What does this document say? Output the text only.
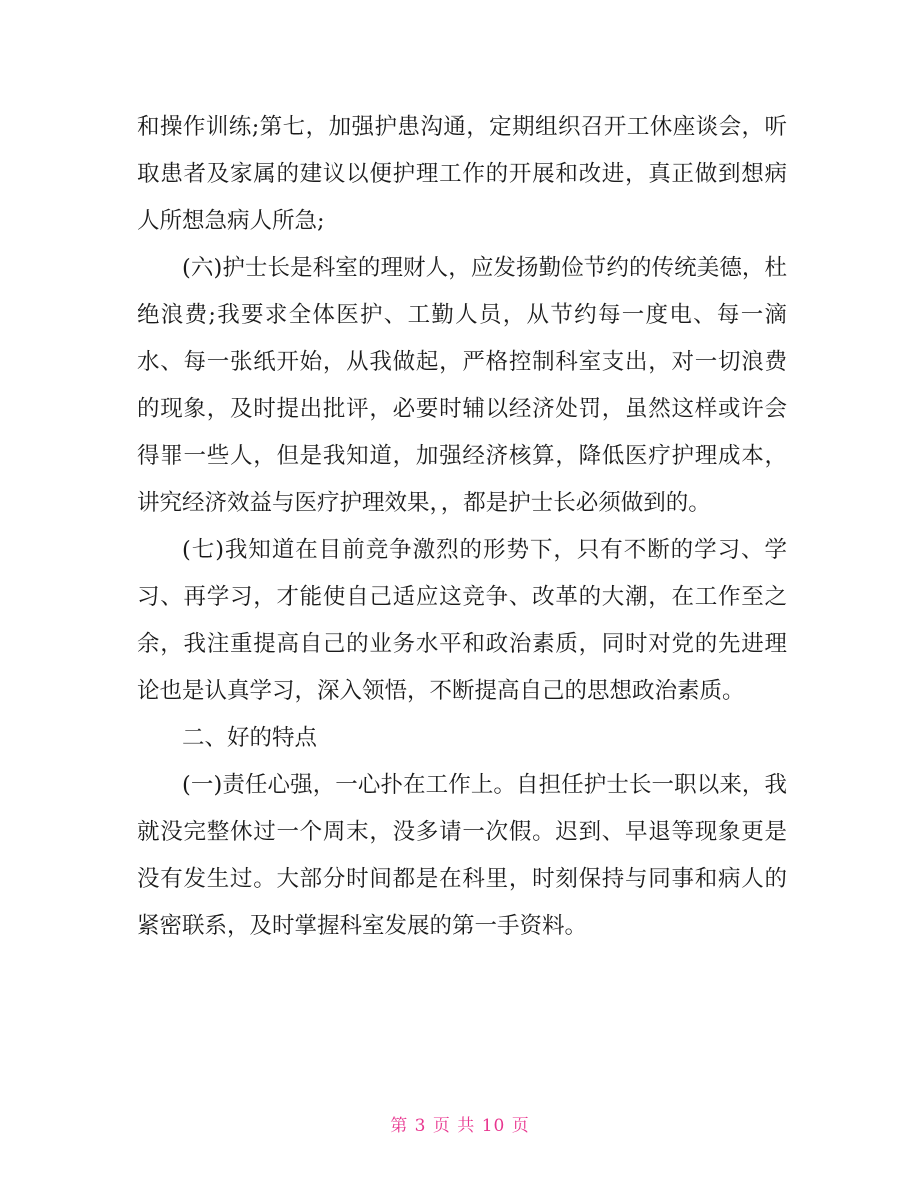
和操作训练;第七，加强护患沟通，定期组织召开工休座谈会，听取患者及家属的建议以便护理工作的开展和改进，真正做到想病人所想急病人所急;

(六)护士长是科室的理财人，应发扬勤俭节约的传统美德，杜绝浪费;我要求全体医护、工勤人员，从节约每一度电、每一滴水、每一张纸开始，从我做起，严格控制科室支出，对一切浪费的现象，及时提出批评，必要时辅以经济处罚，虽然这样或许会得罪一些人，但是我知道，加强经济核算，降低医疗护理成本，讲究经济效益与医疗护理效果，，都是护士长必须做到的。

(七)我知道在目前竞争激烈的形势下，只有不断的学习、学习、再学习，才能使自己适应这竞争、改革的大潮，在工作至之余，我注重提高自己的业务水平和政治素质，同时对党的先进理论也是认真学习，深入领悟，不断提高自己的思想政治素质。

二、好的特点

(一)责任心强，一心扑在工作上。自担任护士长一职以来，我就没完整休过一个周末，没多请一次假。迟到、早退等现象更是没有发生过。大部分时间都是在科里，时刻保持与同事和病人的紧密联系，及时掌握科室发展的第一手资料。

第 3 页 共 10 页
